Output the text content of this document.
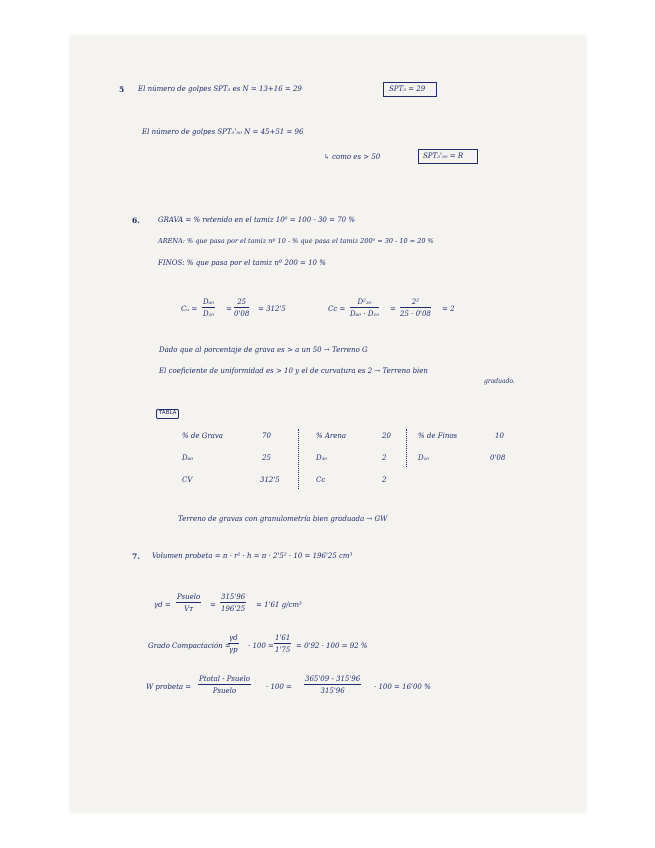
5 El número de golpes SPT₅ es N = 13+16 = 29	SPT₅ = 29
El número de golpes SPT₅'₅₀ N = 45+51 = 96
↳ como es > 50	SPT₅'₅₀ = R
6.	GRAVA = % retenido en el tamiz 10⁰ = 100 - 30 = 70 %
ARENA: % que pasa por el tamiz nº 10 - % que pasa el tamiz 200⁰ = 30 - 10 = 20 %
FINOS: % que pasa por el tamiz nº 200 = 10 %
Cᵤ = $\frac{\text{D₆₀}}{\text{D₁₀}} = \frac{25}{0'08} = 312'5$	$Cc = \frac{\text{D²₃₀}}{\text{D₆₀ · D₁₀}} = \frac{\text{2²}}{25 \cdot 0'08} = 2$
Dado que al porcentaje de grava es > a un 50 → Terreno G
El coeficiente de uniformidad es > 10 y el de curvatura es 2 → Terreno bien
graduado.
TABLA
% de Grava	70	% Arena	20	% de Finos	10
D₆₀	25	D₃₀	2	D₁₀	0'08
CV	312'5	Cc	2
Terreno de gravas con granulometría bien graduada → GW
7. Volumen probeta = π · r² · h = π · 2'5² · 10 = 196'25 cm³
γd =
Psuelo
Vᴛ	= $\frac{315'96}{196'25} = 1'61$ g/cm³
Grado Compactación =
$\frac{\gamma d}{\gamma p} \cdot 100 = \frac{1'61}{1'75} = 0'92 \cdot 100 = 92$ %
W probeta =
Ptotal - Psuelo
Psuelo	· $100 = \frac{365'09 - 315'96}{315'96} \cdot 100 = 16'00$ %
